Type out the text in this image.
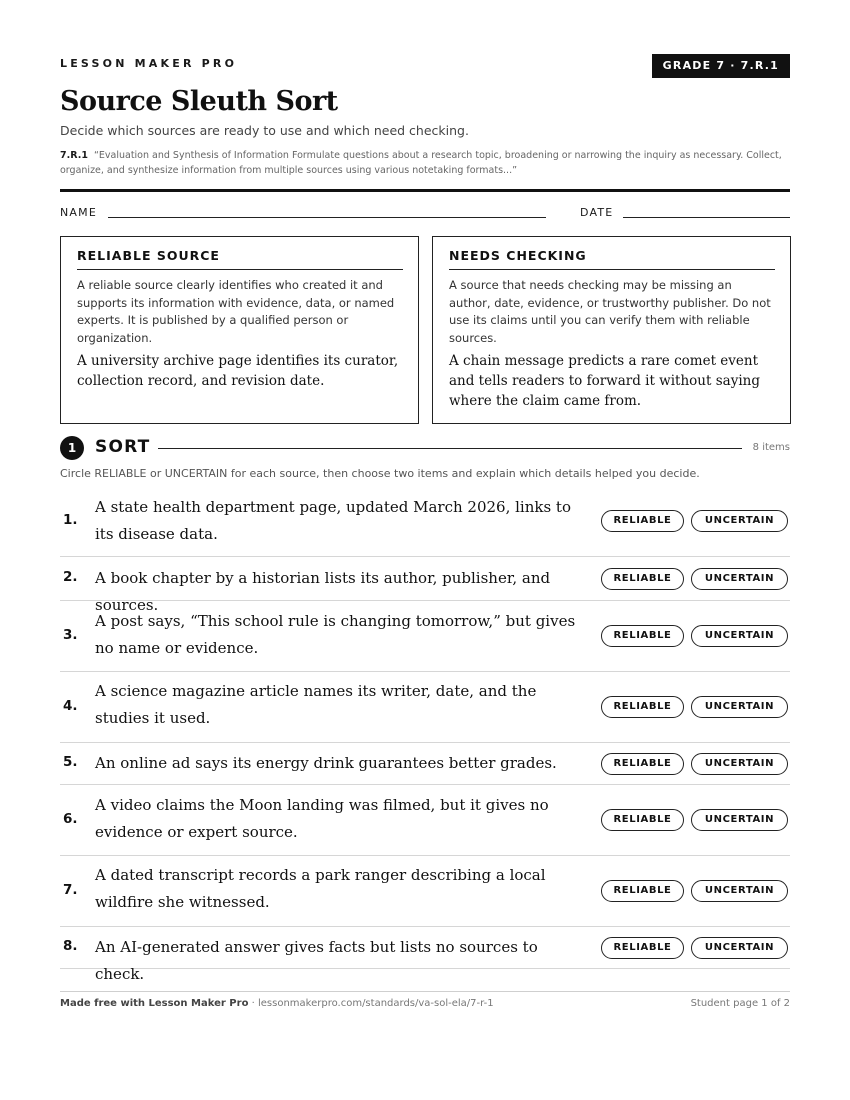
LESSON MAKER PRO	GRADE 7 · 7.R.1
Source Sleuth Sort
Decide which sources are ready to use and which need checking.
7.R.1 “Evaluation and Synthesis of Information Formulate questions about a research topic, broadening or narrowing the inquiry as necessary. Collect, organize, and synthesize information from multiple sources using various notetaking formats...”
NAME	DATE
RELIABLE SOURCE
A reliable source clearly identifies who created it and supports its information with evidence, data, or named experts. It is published by a qualified person or organization.
A university archive page identifies its curator, collection record, and revision date.
NEEDS CHECKING
A source that needs checking may be missing an author, date, evidence, or trustworthy publisher. Do not use its claims until you can verify them with reliable sources.
A chain message predicts a rare comet event and tells readers to forward it without saying where the claim came from.
1	SORT	8 items
Circle RELIABLE or UNCERTAIN for each source, then choose two items and explain which details helped you decide.
1.
A state health department page, updated March 2026, links to its disease data.
RELIABLE	UNCERTAIN
2. A book chapter by a historian lists its author, publisher, and sources.
RELIABLE	UNCERTAIN
3.
A post says, “This school rule is changing tomorrow,” but gives no name or evidence.
RELIABLE	UNCERTAIN
4.
A science magazine article names its writer, date, and the studies it used.
RELIABLE	UNCERTAIN
5. An online ad says its energy drink guarantees better grades.	RELIABLE	UNCERTAIN
6.
A video claims the Moon landing was filmed, but it gives no evidence or expert source.
RELIABLE	UNCERTAIN
7.
A dated transcript records a park ranger describing a local wildfire she witnessed.
RELIABLE	UNCERTAIN
8. An AI-generated answer gives facts but lists no sources to check.
RELIABLE	UNCERTAIN
Made free with Lesson Maker Pro · lessonmakerpro.com/standards/va-sol-ela/7-r-1	Student page 1 of 2
